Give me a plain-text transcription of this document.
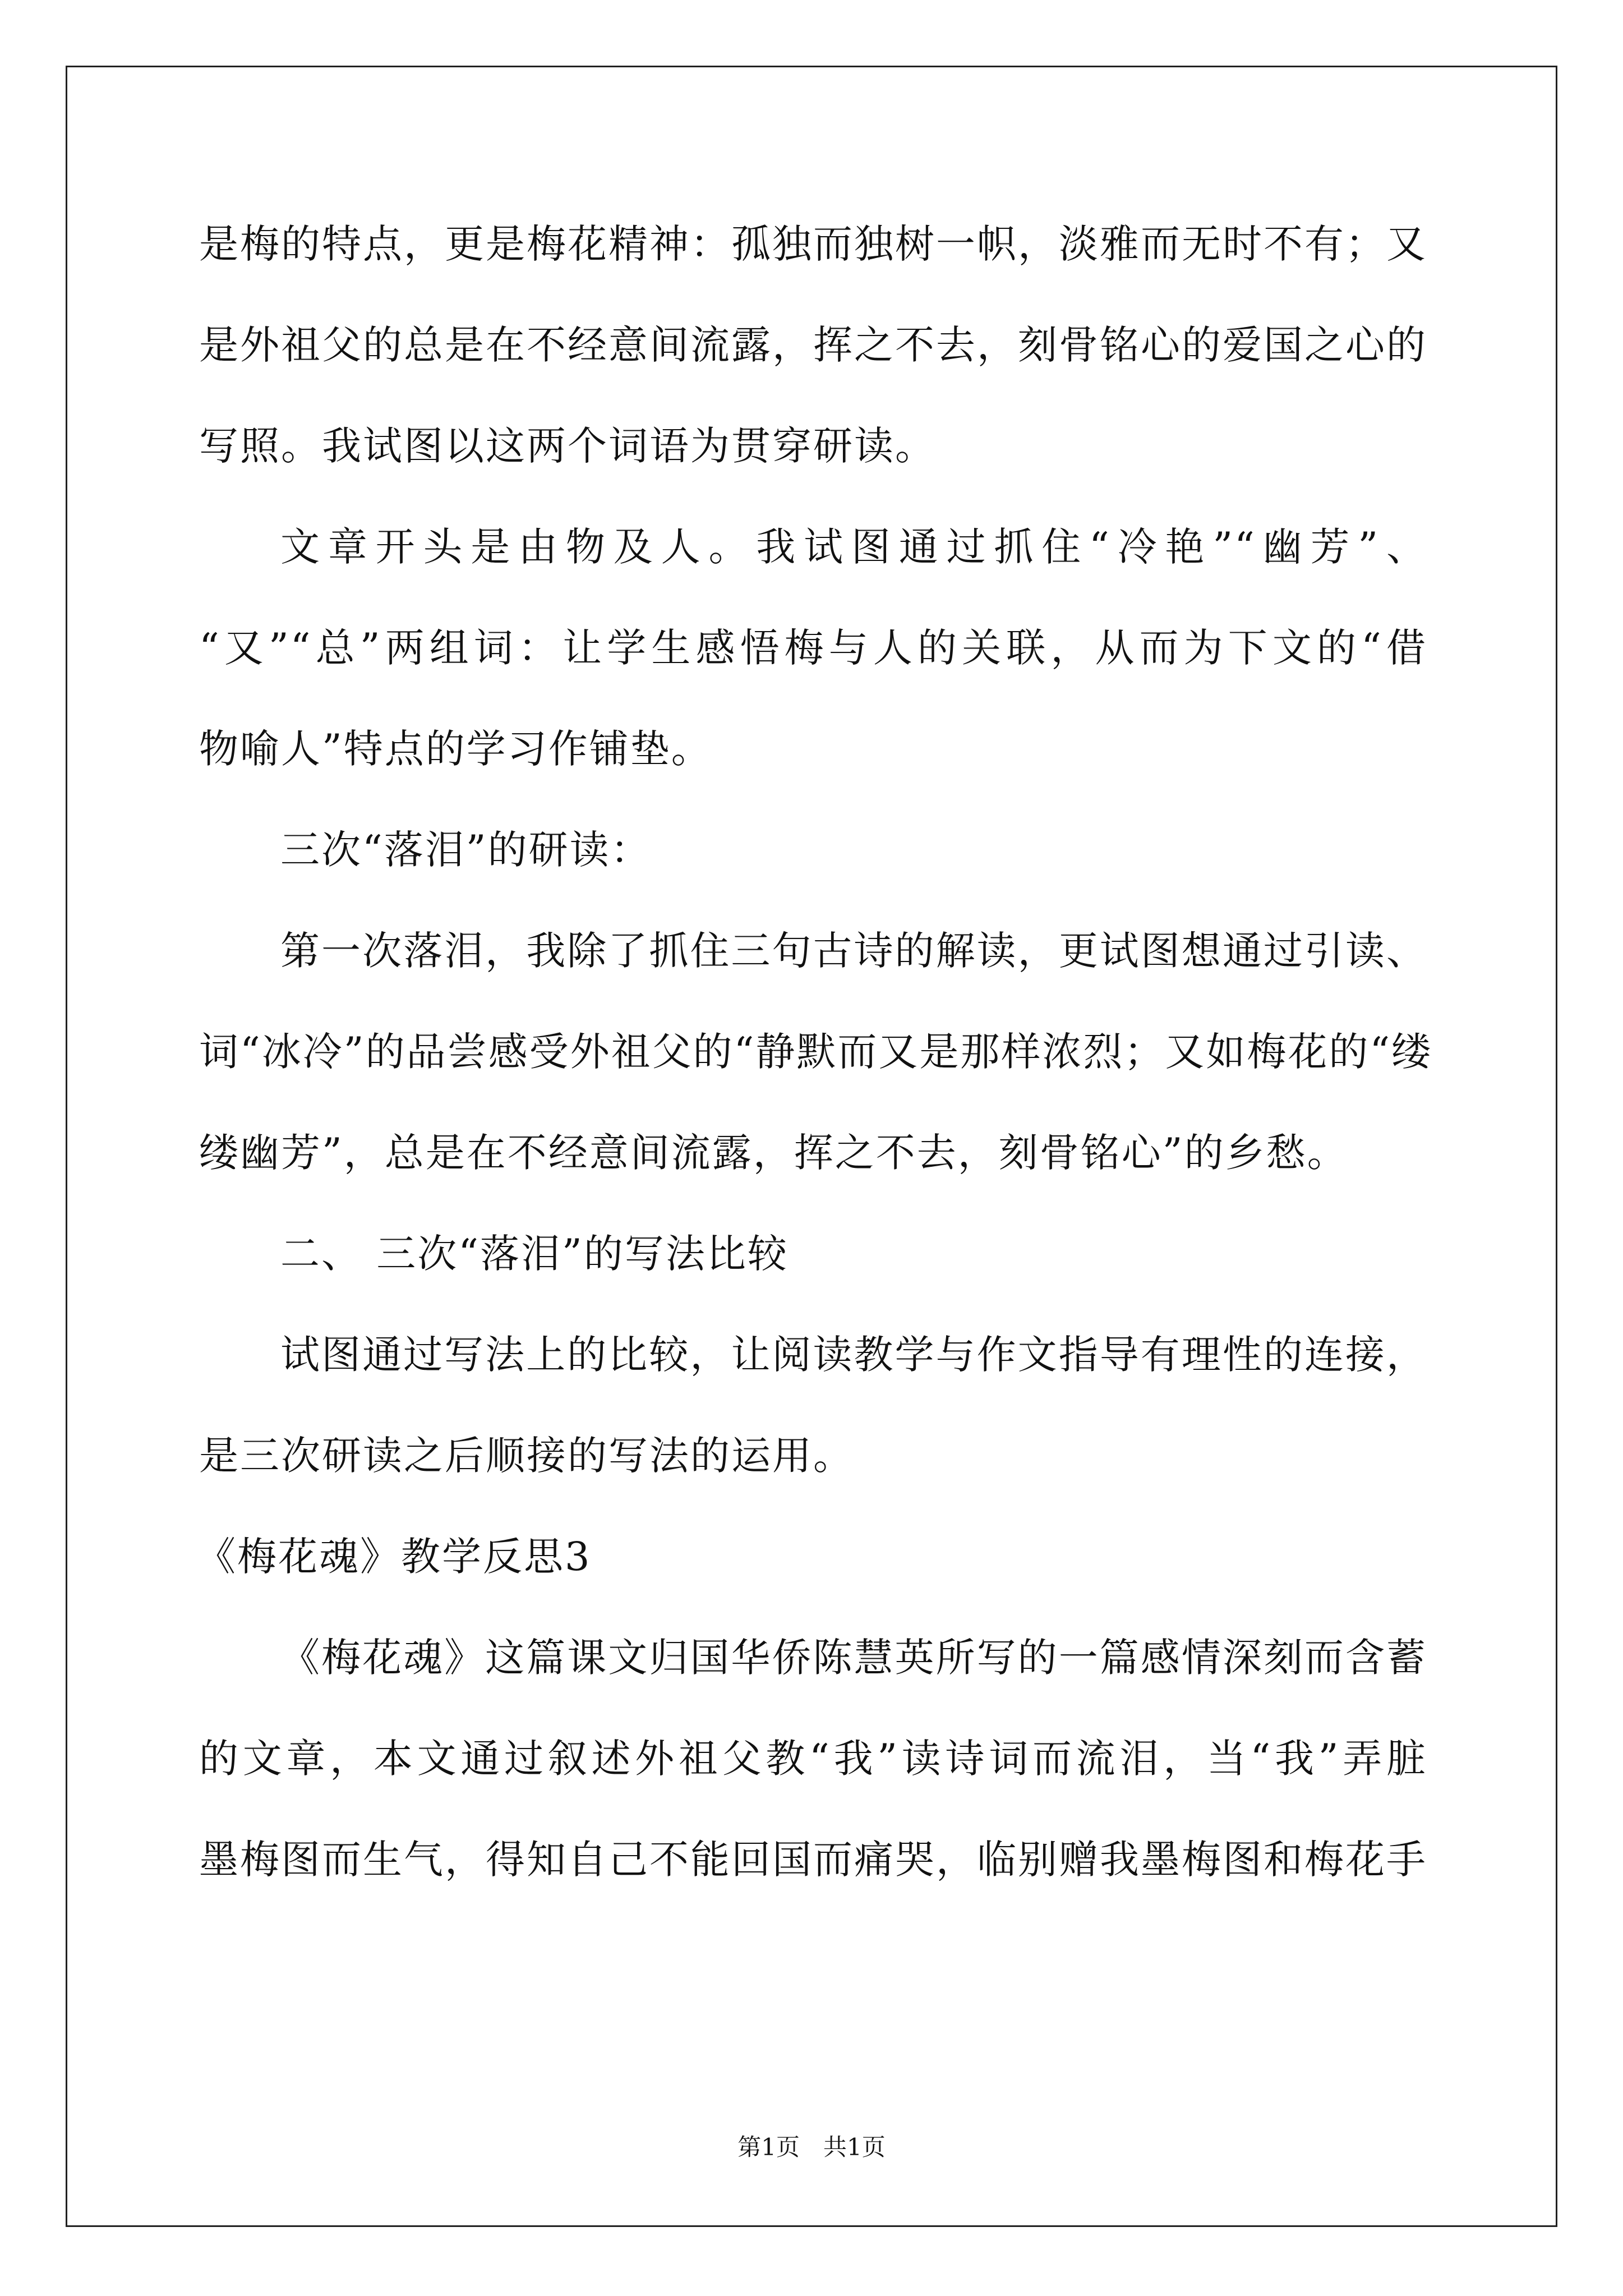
是梅的特点，更是梅花精神：孤独而独树一帜，淡雅而无时不有；又
是外祖父的总是在不经意间流露，挥之不去，刻骨铭心的爱国之心的
写照。我试图以这两个词语为贯穿研读。
文章开头是由物及人。我试图通过抓住“冷艳”“幽芳”、
“又”“总”两组词：让学生感悟梅与人的关联，从而为下文的“借
物喻人”特点的学习作铺垫。
三次“落泪”的研读：
第一次落泪，我除了抓住三句古诗的解读，更试图想通过引读、
词“冰冷”的品尝感受外祖父的“静默而又是那样浓烈；又如梅花的“缕
缕幽芳”，总是在不经意间流露，挥之不去，刻骨铭心”的乡愁。
二、 三次“落泪”的写法比较
试图通过写法上的比较，让阅读教学与作文指导有理性的连接，
是三次研读之后顺接的写法的运用。
《梅花魂》教学反思3
《梅花魂》这篇课文归国华侨陈慧英所写的一篇感情深刻而含蓄
的文章，本文通过叙述外祖父教“我”读诗词而流泪，当“我”弄脏
墨梅图而生气，得知自己不能回国而痛哭，临别赠我墨梅图和梅花手
第1页　共1页
